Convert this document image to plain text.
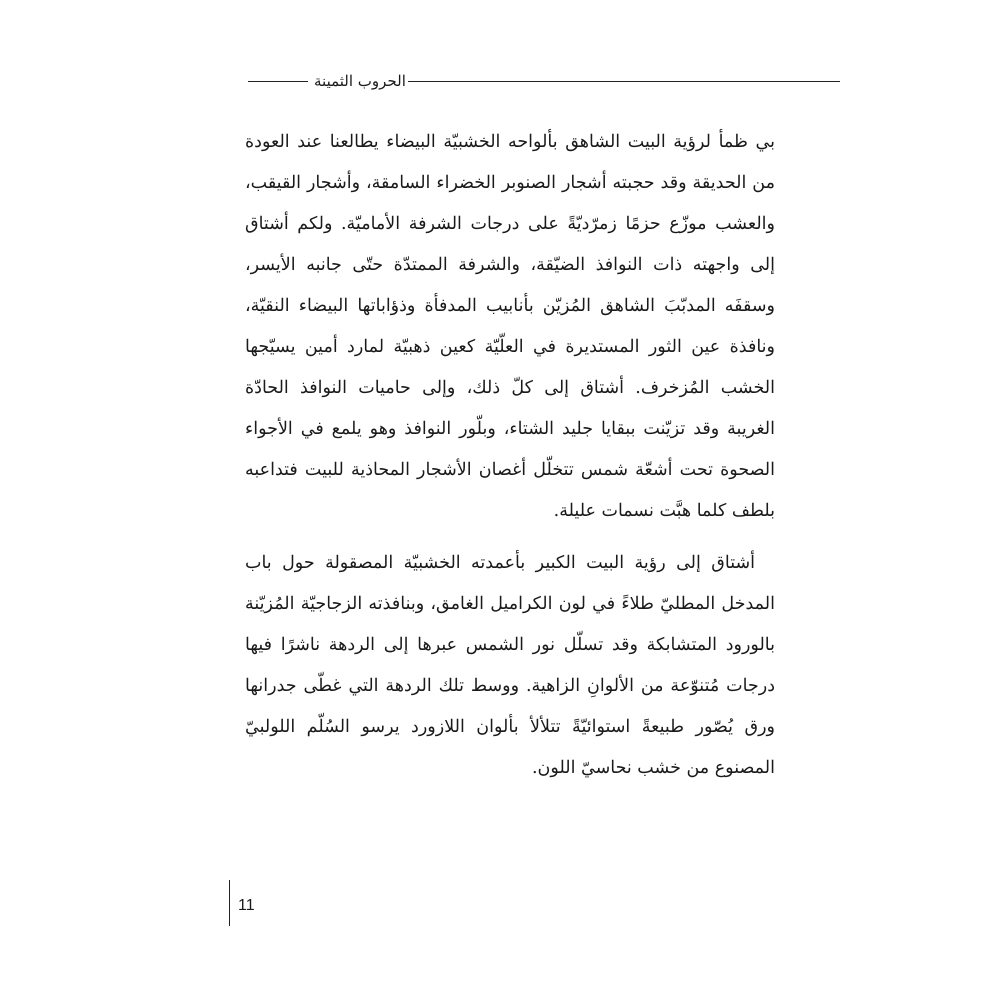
الحروب الثمينة

بي ظمأ لرؤية البيت الشاهق بألواحه الخشبيّة البيضاء يطالعنا عند العودة من الحديقة وقد حجبته أشجار الصنوبر الخضراء السامقة، وأشجار القيقب، والعشب موزّع حزمًا زمرّديّةً على درجات الشرفة الأماميّة. ولكم أشتاق إلى واجهته ذات النوافذ الضيّقة، والشرفة الممتدّة حتّى جانبه الأيسر، وسقفَه المدبّبَ الشاهق المُزيّن بأنابيب المدفأة وذؤاباتها البيضاء النقيّة، ونافذة عين الثور المستديرة في العلّيّة كعين ذهبيّة لمارد أمين يسيّجها الخشب المُزخرف. أشتاق إلى كلّ ذلك، وإلى حاميات النوافذ الحادّة الغريبة وقد تزيّنت ببقايا جليد الشتاء، وبلّور النوافذ وهو يلمع في الأجواء الصحوة تحت أشعّة شمس تتخلّل أغصان الأشجار المحاذية للبيت فتداعبه بلطف كلما هبَّت نسمات عليلة.

أشتاق إلى رؤية البيت الكبير بأعمدته الخشبيّة المصقولة حول باب المدخل المطليّ طلاءً في لون الكراميل الغامق، وبنافذته الزجاجيّة المُزيّنة بالورود المتشابكة وقد تسلّل نور الشمس عبرها إلى الردهة ناشرًا فيها درجات مُتنوّعة من الألوانِ الزاهية. ووسط تلك الردهة التي غطّى جدرانها ورق يُصّور طبيعةً استوائيّةً تتلألأ بألوان اللازورد يرسو السُلّم اللولبيّ المصنوع من خشب نحاسيّ اللون.

11
